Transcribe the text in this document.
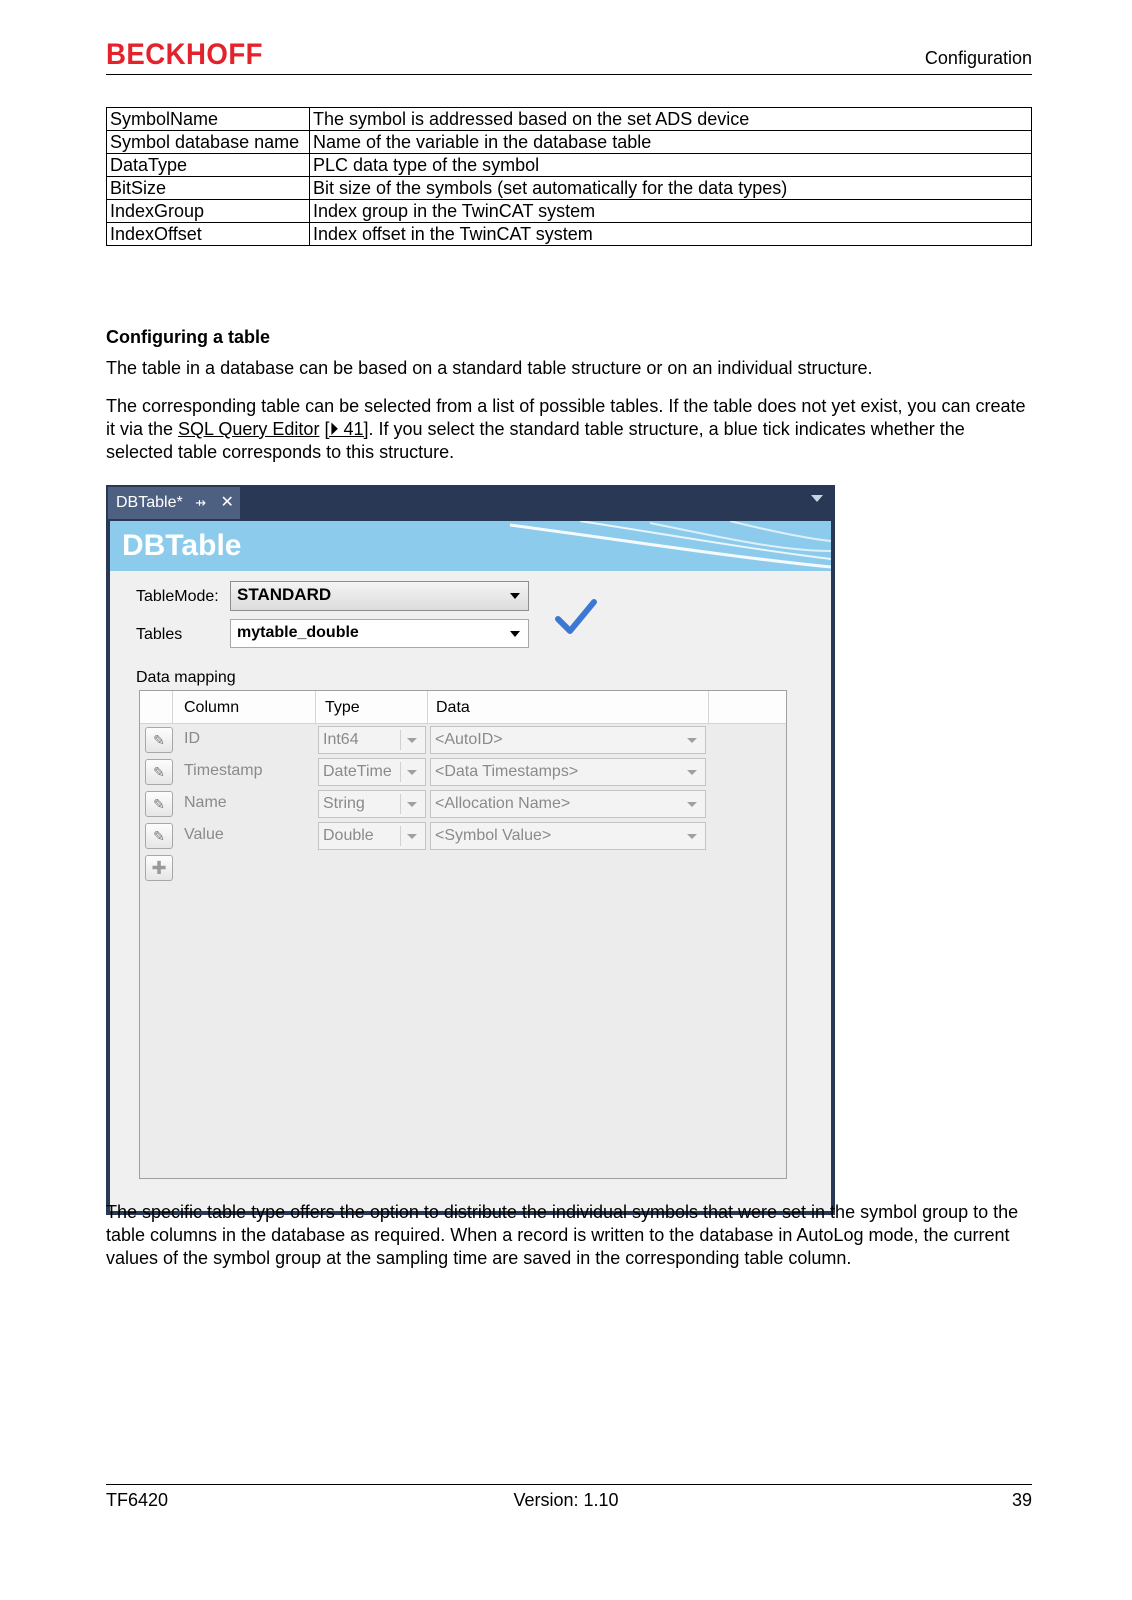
BECKHOFF	Configuration
SymbolName	The symbol is addressed based on the set ADS device
Symbol database name	Name of the variable in the database table
DataType	PLC data type of the symbol
BitSize	Bit size of the symbols (set automatically for the data types)
IndexGroup	Index group in the TwinCAT system
IndexOffset	Index offset in the TwinCAT system
Configuring a table
The table in a database can be based on a standard table structure or on an individual structure.
The corresponding table can be selected from a list of possible tables. If the table does not yet exist, you can create it via the SQL Query Editor [⏵ 41]. If you select the standard table structure, a blue tick indicates whether the selected table corresponds to this structure.
DBTable* ⇸ ✕
DBTable
TableMode:	STANDARD
Tables	mytable_double
Data mapping
Column	Type	Data
✎	ID	Int64	<AutoID>
✎	Timestamp	DateTime	<Data Timestamps>
✎	Name	String	<Allocation Name>
✎	Value	Double	<Symbol Value>
✚
The specific table type offers the option to distribute the individual symbols that were set in the symbol group to the table columns in the database as required. When a record is written to the database in AutoLog mode, the current values of the symbol group at the sampling time are saved in the corresponding table column.
TF6420	Version: 1.10	39
